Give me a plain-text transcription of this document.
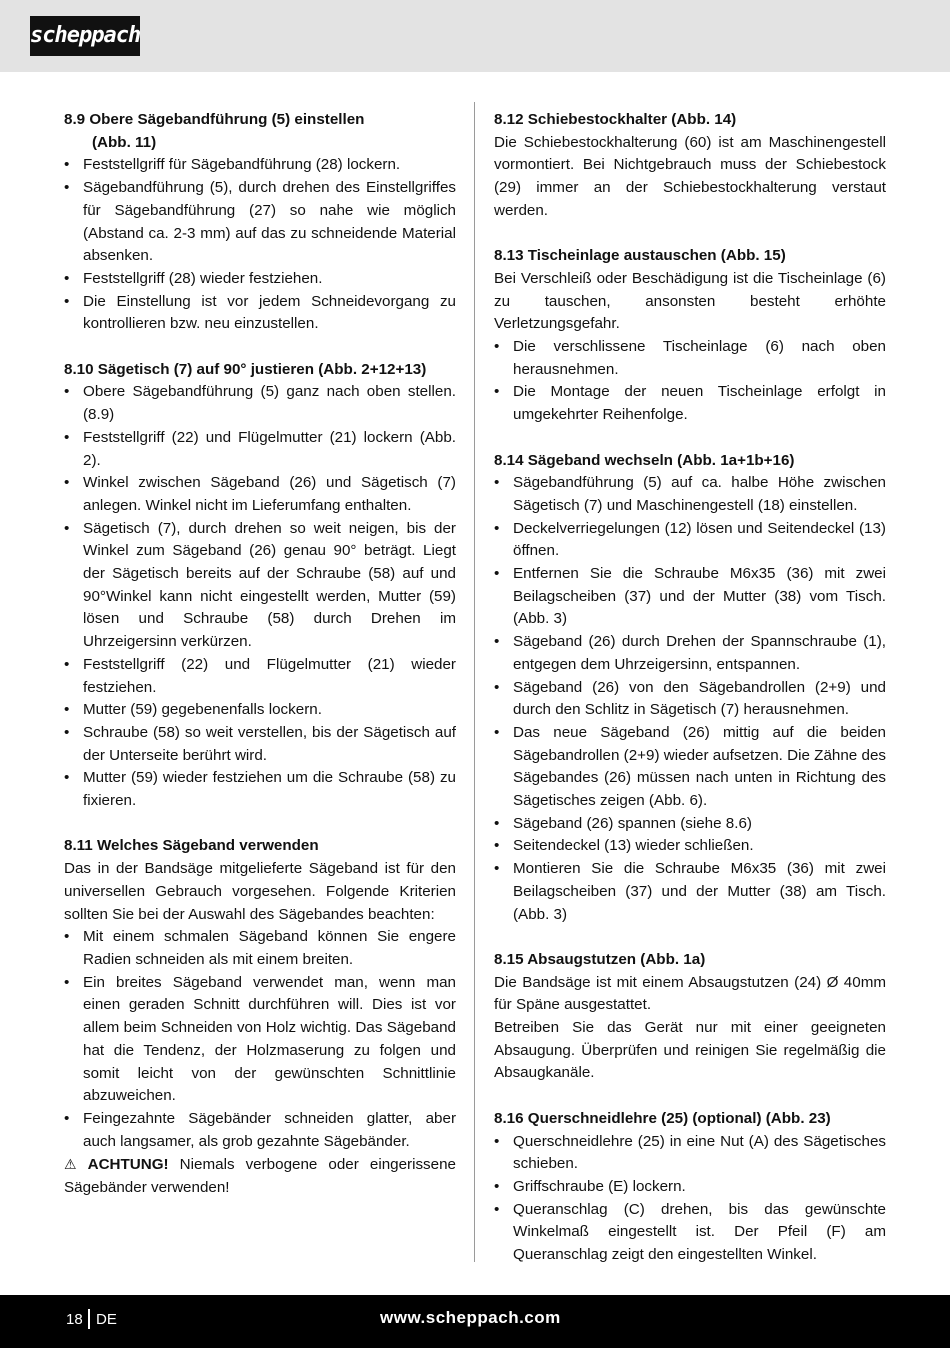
scheppach
8.9 Obere Sägebandführung (5) einstellen
(Abb. 11)
• Feststellgriff für Sägebandführung (28) lockern.
• Sägebandführung (5), durch drehen des Einstellgriffes für Sägebandführung (27) so nahe wie möglich (Abstand ca. 2-3 mm) auf das zu schneidende Material absenken.
• Feststellgriff (28) wieder festziehen.
• Die Einstellung ist vor jedem Schneidevorgang zu kontrollieren bzw. neu einzustellen.
8.10 Sägetisch (7) auf 90° justieren (Abb. 2+12+13)
• Obere Sägebandführung (5) ganz nach oben stellen. (8.9)
• Feststellgriff (22) und Flügelmutter (21) lockern (Abb. 2).
• Winkel zwischen Sägeband (26) und Sägetisch (7) anlegen. Winkel nicht im Lieferumfang enthalten.
• Sägetisch (7), durch drehen so weit neigen, bis der Winkel zum Sägeband (26) genau 90° beträgt. Liegt der Sägetisch bereits auf der Schraube (58) auf und 90°Winkel kann nicht eingestellt werden, Mutter (59) lösen und Schraube (58) durch Drehen im Uhrzeigersinn verkürzen.
• Feststellgriff (22) und Flügelmutter (21) wieder festziehen.
• Mutter (59) gegebenenfalls lockern.
• Schraube (58) so weit verstellen, bis der Sägetisch auf der Unterseite berührt wird.
• Mutter (59) wieder festziehen um die Schraube (58) zu fixieren.
8.11 Welches Sägeband verwenden

Das in der Bandsäge mitgelieferte Sägeband ist für den universellen Gebrauch vorgesehen. Folgende Kriterien sollten Sie bei der Auswahl des Sägebandes beachten:

• Mit einem schmalen Sägeband können Sie engere Radien schneiden als mit einem breiten.
• Ein breites Sägeband verwendet man, wenn man einen geraden Schnitt durchführen will. Dies ist vor allem beim Schneiden von Holz wichtig. Das Sägeband hat die Tendenz, der Holzmaserung zu folgen und somit leicht von der gewünschten Schnittlinie abzuweichen.
• Feingezahnte Sägebänder schneiden glatter, aber auch langsamer, als grob gezahnte Sägebänder.

⚠ ACHTUNG! Niemals verbogene oder eingerissene Sägebänder verwenden!

8.12 Schiebestockhalter (Abb. 14)

Die Schiebestockhalterung (60) ist am Maschinengestell vormontiert. Bei Nichtgebrauch muss der Schiebestock (29) immer an der Schiebestockhalterung verstaut werden.

8.13 Tischeinlage austauschen (Abb. 15)

Bei Verschleiß oder Beschädigung ist die Tischeinlage (6) zu tauschen, ansonsten besteht erhöhte Verletzungsgefahr.

• Die verschlissene Tischeinlage (6) nach oben herausnehmen.
• Die Montage der neuen Tischeinlage erfolgt in umgekehrter Reihenfolge.
8.14 Sägeband wechseln (Abb. 1a+1b+16)
• Sägebandführung (5) auf ca. halbe Höhe zwischen Sägetisch (7) und Maschinengestell (18) einstellen.
• Deckelverriegelungen (12) lösen und Seitendeckel (13) öffnen.
• Entfernen Sie die Schraube M6x35 (36) mit zwei Beilagscheiben (37) und der Mutter (38) vom Tisch. (Abb. 3)
• Sägeband (26) durch Drehen der Spannschraube (1), entgegen dem Uhrzeigersinn, entspannen.
• Sägeband (26) von den Sägebandrollen (2+9) und durch den Schlitz in Sägetisch (7) herausnehmen.
• Das neue Sägeband (26) mittig auf die beiden Sägebandrollen (2+9) wieder aufsetzen. Die Zähne des Sägebandes (26) müssen nach unten in Richtung des Sägetisches zeigen (Abb. 6).
• Sägeband (26) spannen (siehe 8.6)
• Seitendeckel (13) wieder schließen.
• Montieren Sie die Schraube M6x35 (36) mit zwei Beilagscheiben (37) und der Mutter (38) am Tisch. (Abb. 3)
8.15 Absaugstutzen (Abb. 1a)

Die Bandsäge ist mit einem Absaugstutzen (24) Ø 40mm für Späne ausgestattet.

Betreiben Sie das Gerät nur mit einer geeigneten Absaugung. Überprüfen und reinigen Sie regelmäßig die Absaugkanäle.

8.16 Querschneidlehre (25) (optional) (Abb. 23)
• Querschneidlehre (25) in eine Nut (A) des Sägetisches schieben.
• Griffschraube (E) lockern.
• Queranschlag (C) drehen, bis das gewünschte Winkelmaß eingestellt ist. Der Pfeil (F) am Queranschlag zeigt den eingestellten Winkel.
18 DE	www.scheppach.com
